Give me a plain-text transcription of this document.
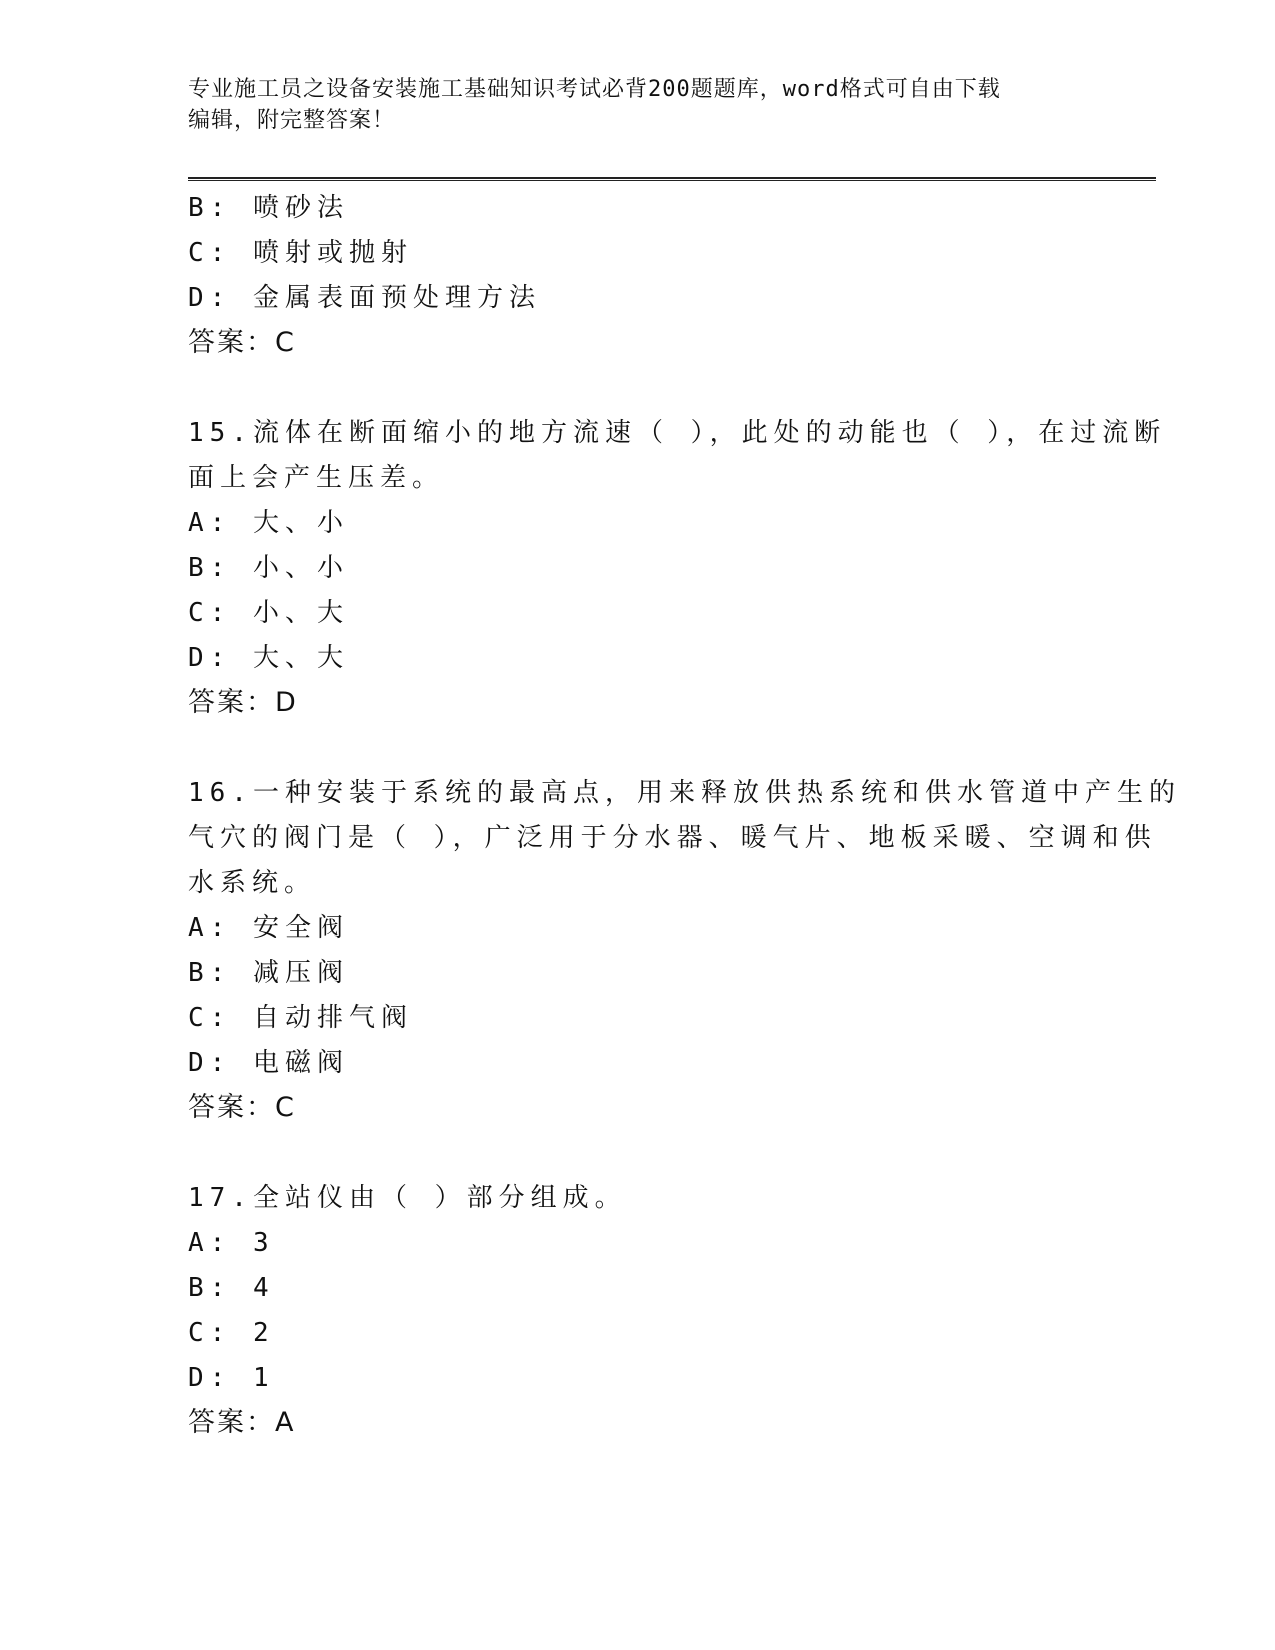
专业施工员之设备安装施工基础知识考试必背200题题库，word格式可自由下载
编辑，附完整答案！
B: 喷砂法
C: 喷射或抛射
D: 金属表面预处理方法
答案：C
15.流体在断面缩小的地方流速（ ），此处的动能也（ ），在过流断
面上会产生压差。
A: 大、小
B: 小、小
C: 小、大
D: 大、大
答案：D
16.一种安装于系统的最高点，用来释放供热系统和供水管道中产生的
气穴的阀门是（ ），广泛用于分水器、暖气片、地板采暖、空调和供
水系统。
A: 安全阀
B: 减压阀
C: 自动排气阀
D: 电磁阀
答案：C
17.全站仪由（ ）部分组成。
A: 3
B: 4
C: 2
D: 1
答案：A
